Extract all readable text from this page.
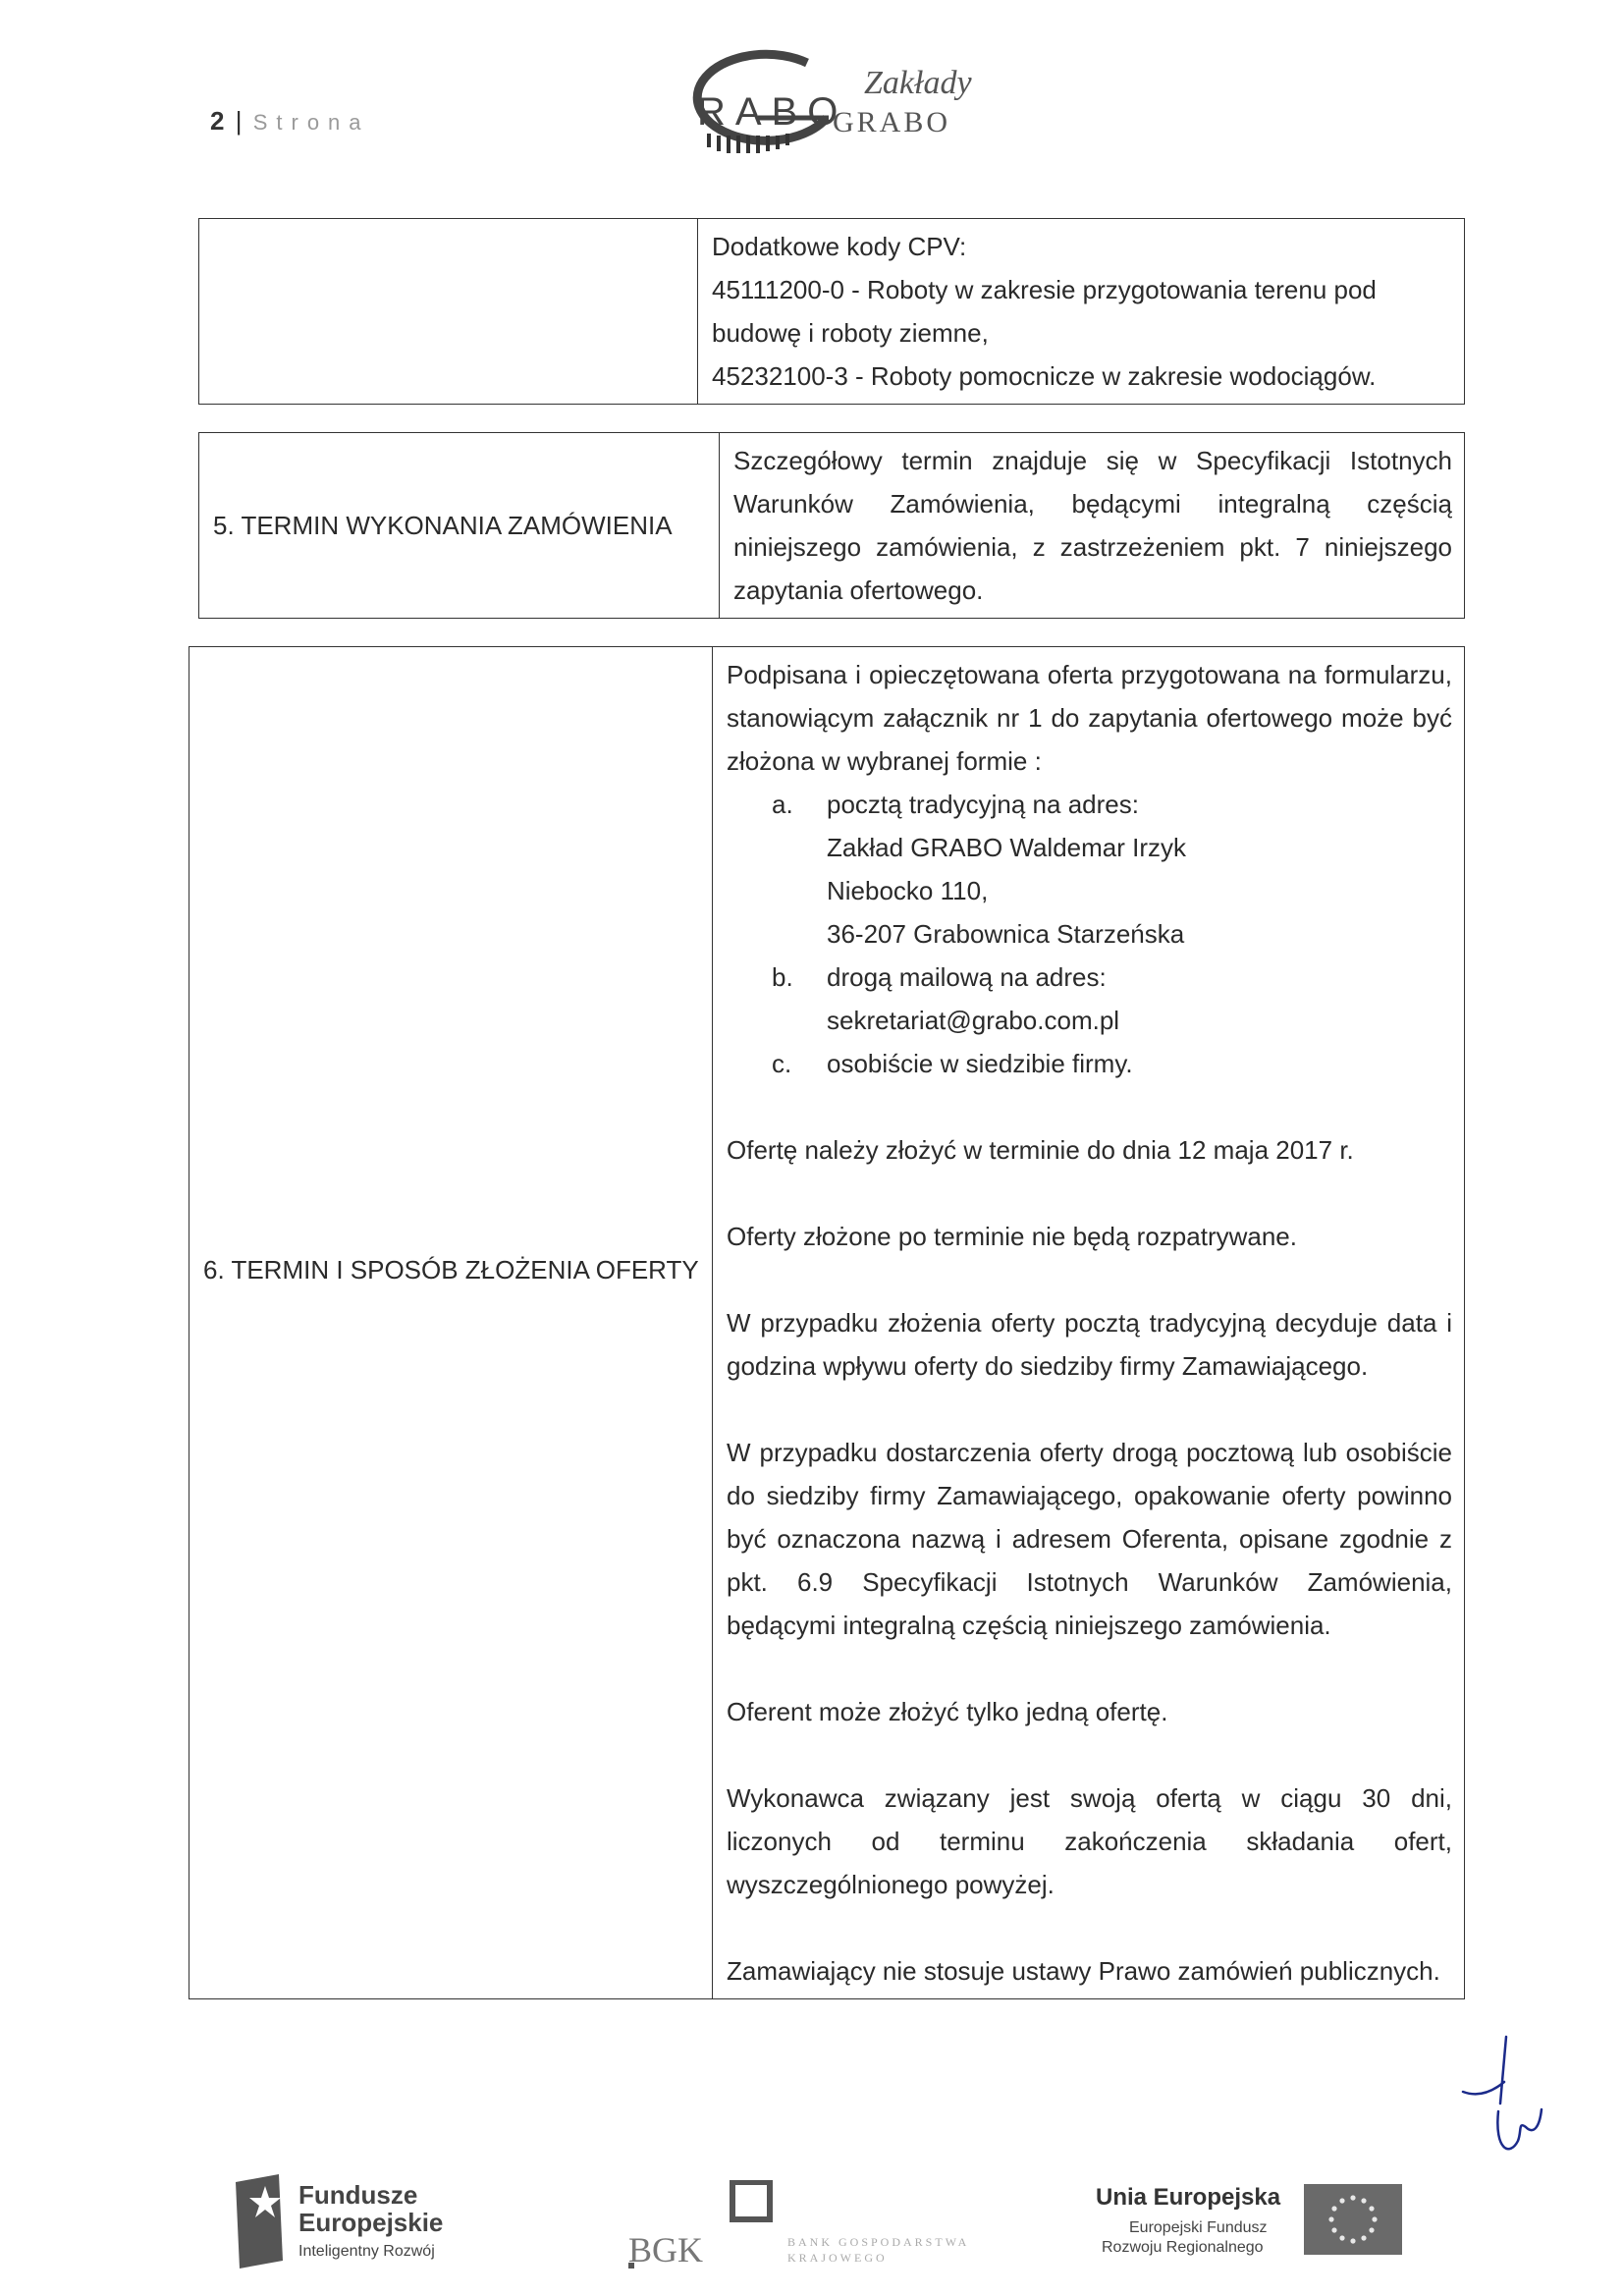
2 | Strona	RABO
Zakłady
GRABO

Dodatkowe kody CPV:

45111200-0 - Roboty w zakresie przygotowania terenu pod budowę i roboty ziemne,

45232100-3 - Roboty pomocnicze w zakresie wodociągów.

5. TERMIN WYKONANIA ZAMÓWIENIA	Szczegółowy termin znajduje się w Specyfikacji Istotnych Warunków Zamówienia, będącymi integralną częścią niniejszego zamówienia, z zastrzeżeniem pkt. 7 niniejszego zapytania ofertowego.
6. TERMIN I SPOSÓB ZŁOŻENIA OFERTY	

Podpisana i opieczętowana oferta przygotowana na formularzu, stanowiącym załącznik nr 1 do zapytania ofertowego może być złożona w wybranej formie :

a.	pocztą tradycyjną na adres:

Zakład GRABO Waldemar Irzyk

Niebocko 110,

36-207 Grabownica Starzeńska

b.	drogą mailową na adres:

sekretariat@grabo.com.pl

c.	osobiście w siedzibie firmy.

Ofertę należy złożyć w terminie do dnia 12 maja 2017 r.

Oferty złożone po terminie nie będą rozpatrywane.

W przypadku złożenia oferty pocztą tradycyjną decyduje data i godzina wpływu oferty do siedziby firmy Zamawiającego.

W przypadku dostarczenia oferty drogą pocztową lub osobiście do siedziby firmy Zamawiającego, opakowanie oferty powinno być oznaczona nazwą i adresem Oferenta, opisane zgodnie z pkt. 6.9 Specyfikacji Istotnych Warunków Zamówienia, będącymi integralną częścią niniejszego zamówienia.

Oferent może złożyć tylko jedną ofertę.

Wykonawca związany jest swoją ofertą w ciągu 30 dni, liczonych od terminu zakończenia składania ofert, wyszczególnionego powyżej.

Zamawiający nie stosuje ustawy Prawo zamówień publicznych.

Fundusze
Europejskie
Inteligentny Rozwój	BGK	BANK GOSPODARSTWA
KRAJOWEGO
Unia Europejska
Europejski Fundusz
Rozwoju Regionalnego
